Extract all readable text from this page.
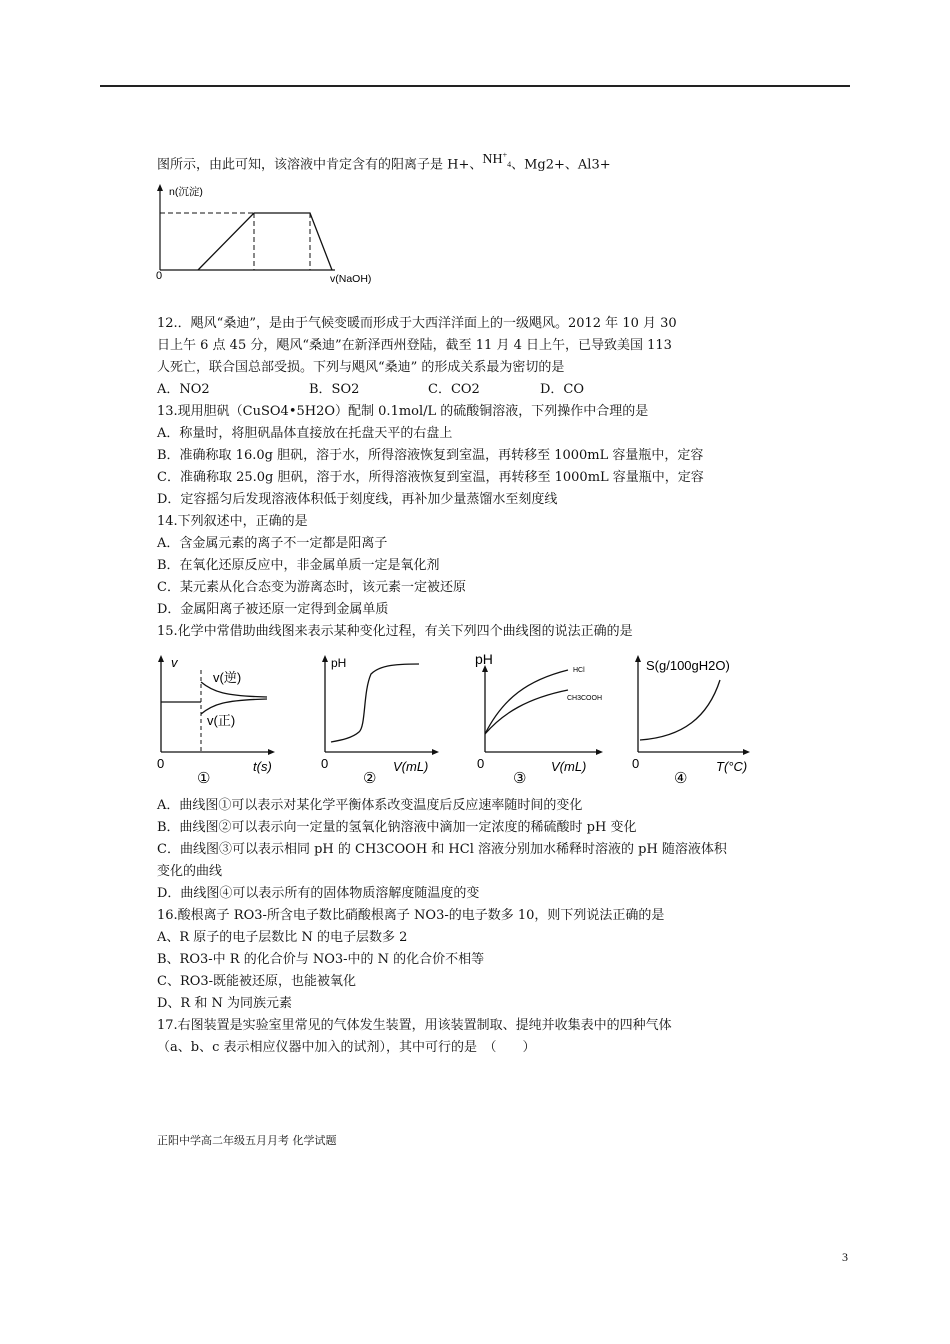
图所示，由此可知，该溶液中肯定含有的阳离子是 H+、$NH^+_4$、Mg2+、Al3+
n(沉淀)
0	v(NaOH)
12.．飓风“桑迪”，是由于气候变暖而形成于大西洋洋面上的一级飓风。2012 年 10 月 30
日上午 6 点 45 分，飓风“桑迪”在新泽西州登陆，截至 11 月 4 日上午，已导致美国 113
人死亡，联合国总部受损。下列与飓风“桑迪” 的形成关系最为密切的是
A．NO2	B．SO2	C．CO2	D．CO
13.现用胆矾（CuSO4•5H2O）配制 0.1mol/L 的硫酸铜溶液，下列操作中合理的是
A．称量时，将胆矾晶体直接放在托盘天平的右盘上
B．准确称取 16.0g 胆矾，溶于水，所得溶液恢复到室温，再转移至 1000mL 容量瓶中，定容
C．准确称取 25.0g 胆矾，溶于水，所得溶液恢复到室温，再转移至 1000mL 容量瓶中，定容
D．定容摇匀后发现溶液体积低于刻度线，再补加少量蒸馏水至刻度线
14.下列叙述中，正确的是
A．含金属元素的离子不一定都是阳离子
B．在氧化还原反应中，非金属单质一定是氧化剂
C．某元素从化合态变为游离态时，该元素一定被还原
D．金属阳离子被还原一定得到金属单质
15.化学中常借助曲线图来表示某种变化过程，有关下列四个曲线图的说法正确的是
v
v(逆)
v(正)
0	t(s)
①
pH
0	V(mL)
②
pH
HCl
CH3COOH
0	V(mL)
③
S(g/100gH2O)
0	T(°C)
④
A．曲线图①可以表示对某化学平衡体系改变温度后反应速率随时间的变化
B．曲线图②可以表示向一定量的氢氧化钠溶液中滴加一定浓度的稀硫酸时 pH 变化
C．曲线图③可以表示相同 pH 的 CH3COOH 和 HCl 溶液分别加水稀释时溶液的 pH 随溶液体积
变化的曲线
D．曲线图④可以表示所有的固体物质溶解度随温度的变
16.酸根离子 RO3-所含电子数比硝酸根离子 NO3-的电子数多 10，则下列说法正确的是
A、R 原子的电子层数比 N 的电子层数多 2
B、RO3-中 R 的化合价与 NO3-中的 N 的化合价不相等
C、RO3-既能被还原，也能被氧化
D、R 和 N 为同族元素
17.右图装置是实验室里常见的气体发生装置，用该装置制取、提纯并收集表中的四种气体
（a、b、c 表示相应仪器中加入的试剂），其中可行的是　（　　）
正阳中学高二年级五月月考 化学试题
3
